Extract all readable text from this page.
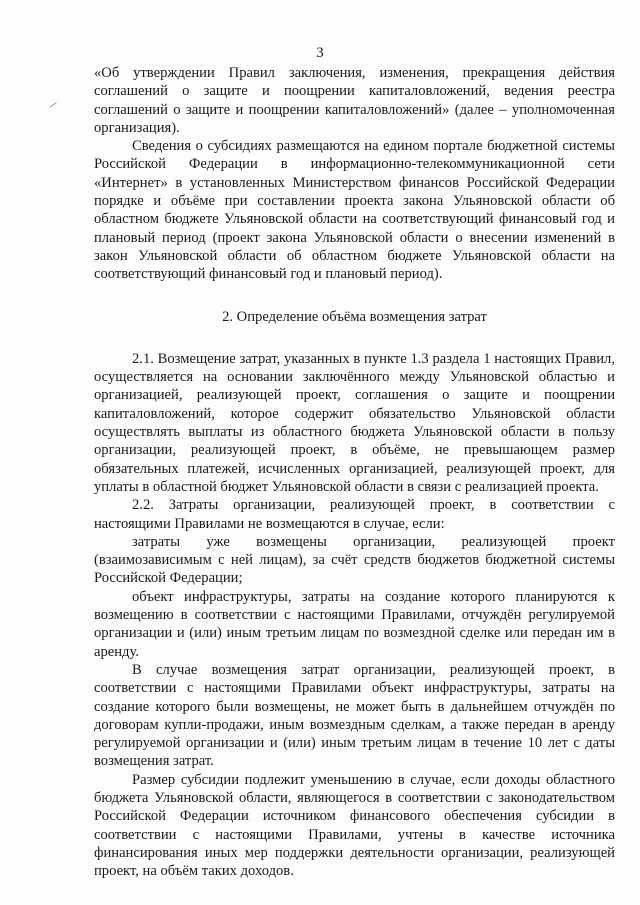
3

«Об утверждении Правил заключения, изменения, прекращения действия соглашений о защите и поощрении капиталовложений, ведения реестра соглашений о защите и поощрении капиталовложений» (далее – уполномоченная организация).

Сведения о субсидиях размещаются на едином портале бюджетной системы Российской Федерации в информационно-телекоммуникационной сети «Интернет» в установленных Министерством финансов Российской Федерации порядке и объёме при составлении проекта закона Ульяновской области об областном бюджете Ульяновской области на соответствующий финансовый год и плановый период (проект закона Ульяновской области о внесении изменений в закон Ульяновской области об областном бюджете Ульяновской области на соответствующий финансовый год и плановый период).

2. Определение объёма возмещения затрат

2.1. Возмещение затрат, указанных в пункте 1.3 раздела 1 настоящих Правил, осуществляется на основании заключённого между Ульяновской областью и организацией, реализующей проект, соглашения о защите и поощрении капиталовложений, которое содержит обязательство Ульяновской области осуществлять выплаты из областного бюджета Ульяновской области в пользу организации, реализующей проект, в объёме, не превышающем размер обязательных платежей, исчисленных организацией, реализующей проект, для уплаты в областной бюджет Ульяновской области в связи с реализацией проекта.

2.2. Затраты организации, реализующей проект, в соответствии с настоящими Правилами не возмещаются в случае, если:

затраты уже возмещены организации, реализующей проект (взаимозависимым с ней лицам), за счёт средств бюджетов бюджетной системы Российской Федерации;

объект инфраструктуры, затраты на создание которого планируются к возмещению в соответствии с настоящими Правилами, отчуждён регулируемой организации и (или) иным третьим лицам по возмездной сделке или передан им в аренду.

В случае возмещения затрат организации, реализующей проект, в соответствии с настоящими Правилами объект инфраструктуры, затраты на создание которого были возмещены, не может быть в дальнейшем отчуждён по договорам купли-продажи, иным возмездным сделкам, а также передан в аренду регулируемой организации и (или) иным третьим лицам в течение 10 лет с даты возмещения затрат.

Размер субсидии подлежит уменьшению в случае, если доходы областного бюджета Ульяновской области, являющегося в соответствии с законодательством Российской Федерации источником финансового обеспечения субсидии в соответствии с настоящими Правилами, учтены в качестве источника финансирования иных мер поддержки деятельности организации, реализующей проект, на объём таких доходов.
